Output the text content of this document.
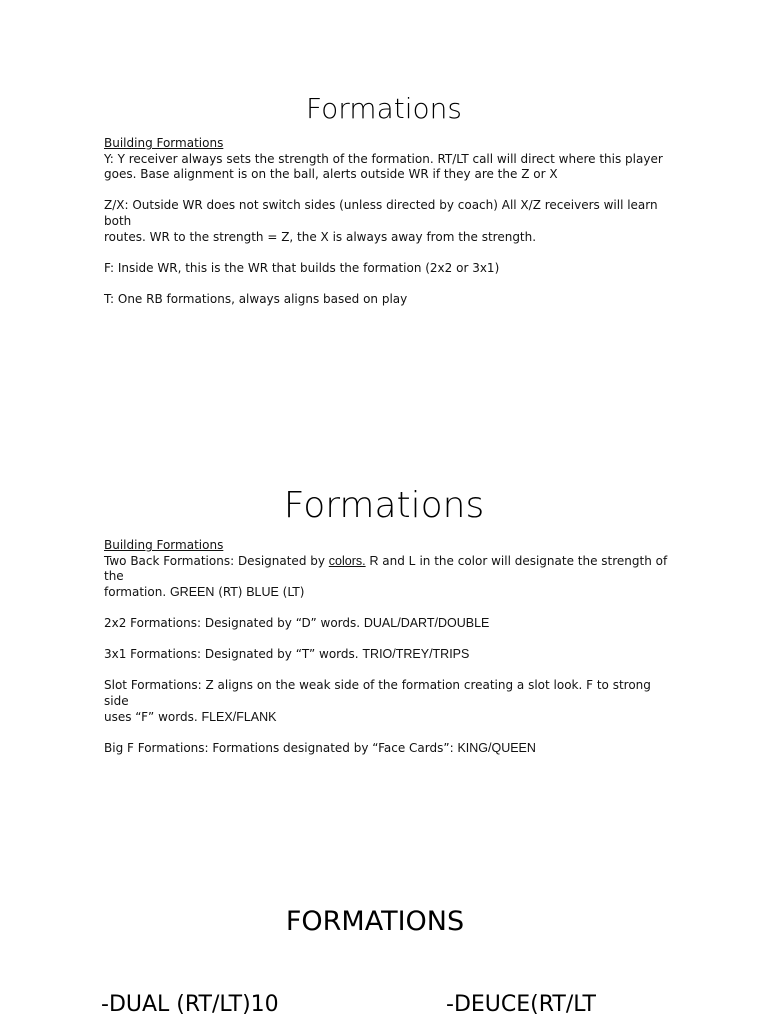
Formations

Building Formations

Y: Y receiver always sets the strength of the formation. RT/LT call will direct where this player

goes. Base alignment is on the ball, alerts outside WR if they are the Z or X

Z/X: Outside WR does not switch sides (unless directed by coach) All X/Z receivers will learn both

routes. WR to the strength = Z, the X is always away from the strength.

F: Inside WR, this is the WR that builds the formation (2x2 or 3x1)

T: One RB formations, always aligns based on play

Formations

Building Formations

Two Back Formations: Designated by colors. R and L in the color will designate the strength of the

formation. GREEN (RT) BLUE (LT)

2x2 Formations: Designated by “D” words. DUAL/DART/DOUBLE

3x1 Formations: Designated by “T” words. TRIO/TREY/TRIPS

Slot Formations: Z aligns on the weak side of the formation creating a slot look. F to strong side

uses “F” words. FLEX/FLANK

Big F Formations: Formations designated by “Face Cards”: KING/QUEEN

FORMATIONS
-DUAL (RT/LT)10	-DEUCE(RT/LT
